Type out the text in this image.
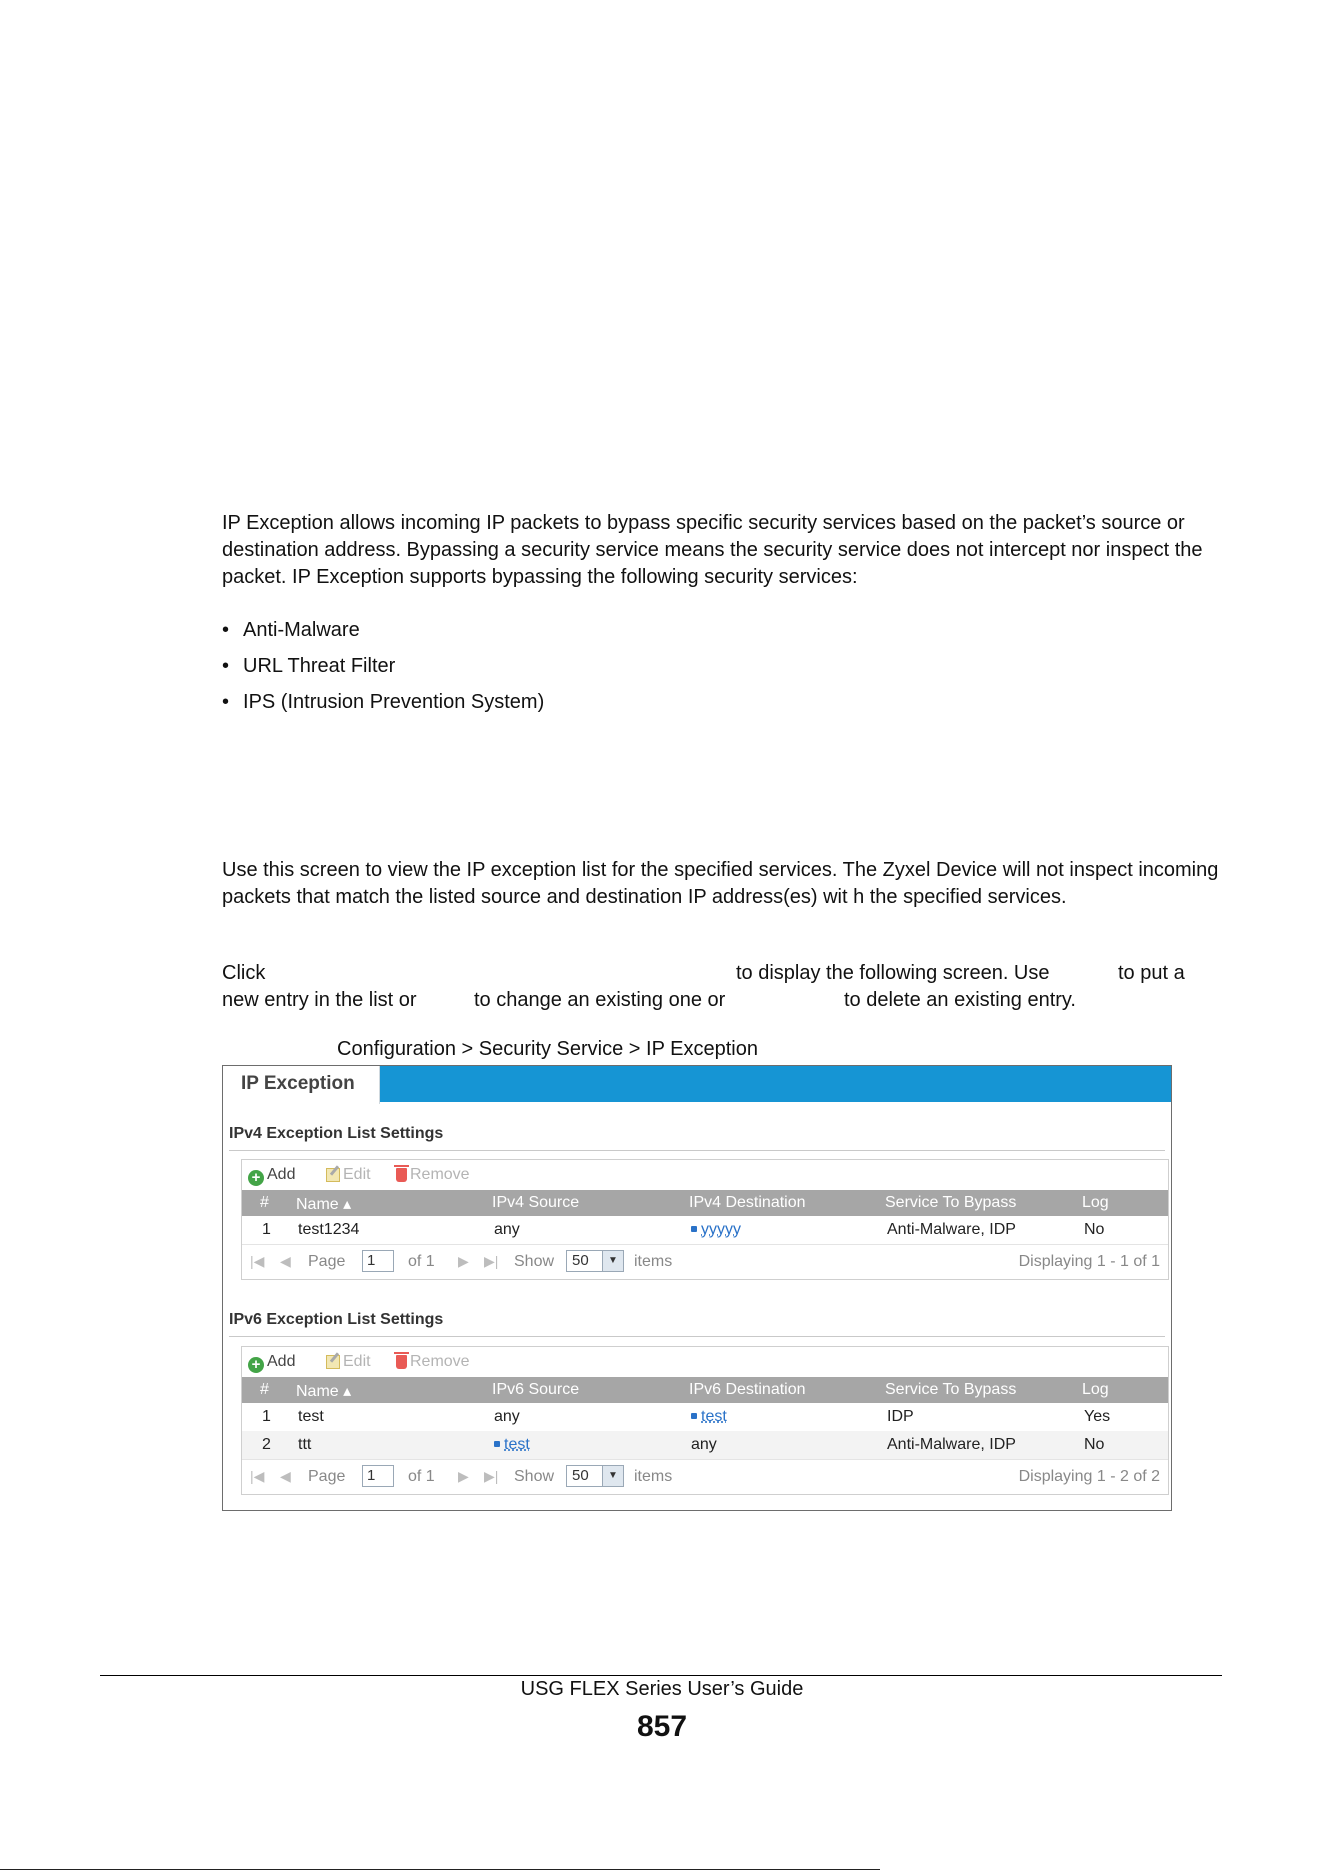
IP Exception allows incoming IP packets to bypass specific security services based on the packet’s source or destination address. Bypassing a security service means the security service does not intercept nor inspect the packet. IP Exception supports bypassing the following security services:

• Anti-Malware
• URL Threat Filter
• IPS (Intrusion Prevention System)

Use this screen to view the IP exception list for the specified services. The Zyxel Device will not inspect incoming packets that match the listed source and destination IP address(es) wit h the specified services.

Click	to display the following screen. Use	to put a
new entry in the list or	to change an existing one or	to delete an existing entry.
Configuration > Security Service > IP Exception
IP Exception
IPv4 Exception List Settings
+ Add	Edit	Remove
# Name ▴	IPv4 Source	IPv4 Destination	Service To Bypass	Log
1 test1234	any	yyyyy	Anti-Malware, IDP	No
|◀ ◀ Page	1	of 1 ▶ ▶| Show 50	▼	items	Displaying 1 - 1 of 1
IPv6 Exception List Settings
+ Add	Edit	Remove
# Name ▴	IPv6 Source	IPv6 Destination	Service To Bypass	Log
1 test	any	test	IDP	Yes
2 ttt	test	any	Anti-Malware, IDP	No
|◀ ◀ Page	1	of 1 ▶ ▶| Show 50	▼	items	Displaying 1 - 2 of 2
USG FLEX Series User’s Guide
857
